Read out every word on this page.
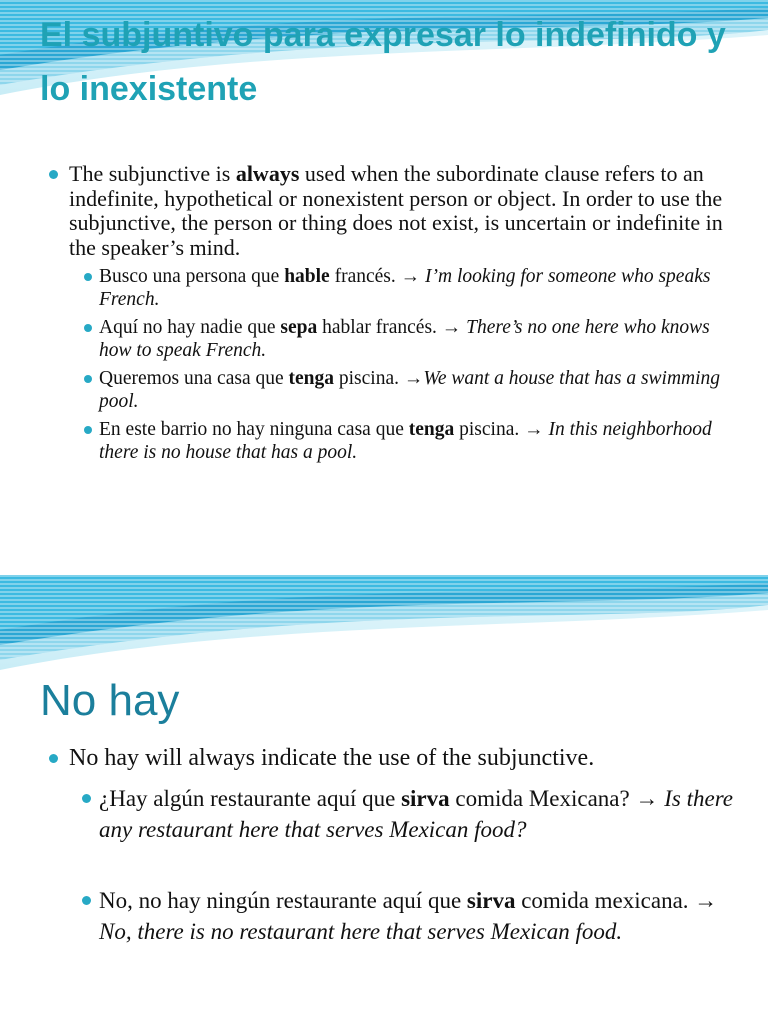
El subjuntivo para expresar lo indefinido y lo inexistente

The subjunctive is always used when the subordinate clause refers to an indefinite, hypothetical or nonexistent person or object. In order to use the subjunctive, the person or thing does not exist, is uncertain or indefinite in the speaker’s mind.

Busco una persona que hable francés. → I’m looking for someone who speaks French.

Aquí no hay nadie que sepa hablar francés. → There’s no one here who knows how to speak French.

Queremos una casa que tenga piscina. →We want a house that has a swimming pool.

En este barrio no hay ninguna casa que tenga piscina. → In this neighborhood there is no house that has a pool.

No hay

No hay will always indicate the use of the subjunctive.

¿Hay algún restaurante aquí que sirva comida Mexicana? → Is there any restaurant here that serves Mexican food?

No, no hay ningún restaurante aquí que sirva comida mexicana. → No, there is no restaurant here that serves Mexican food.
